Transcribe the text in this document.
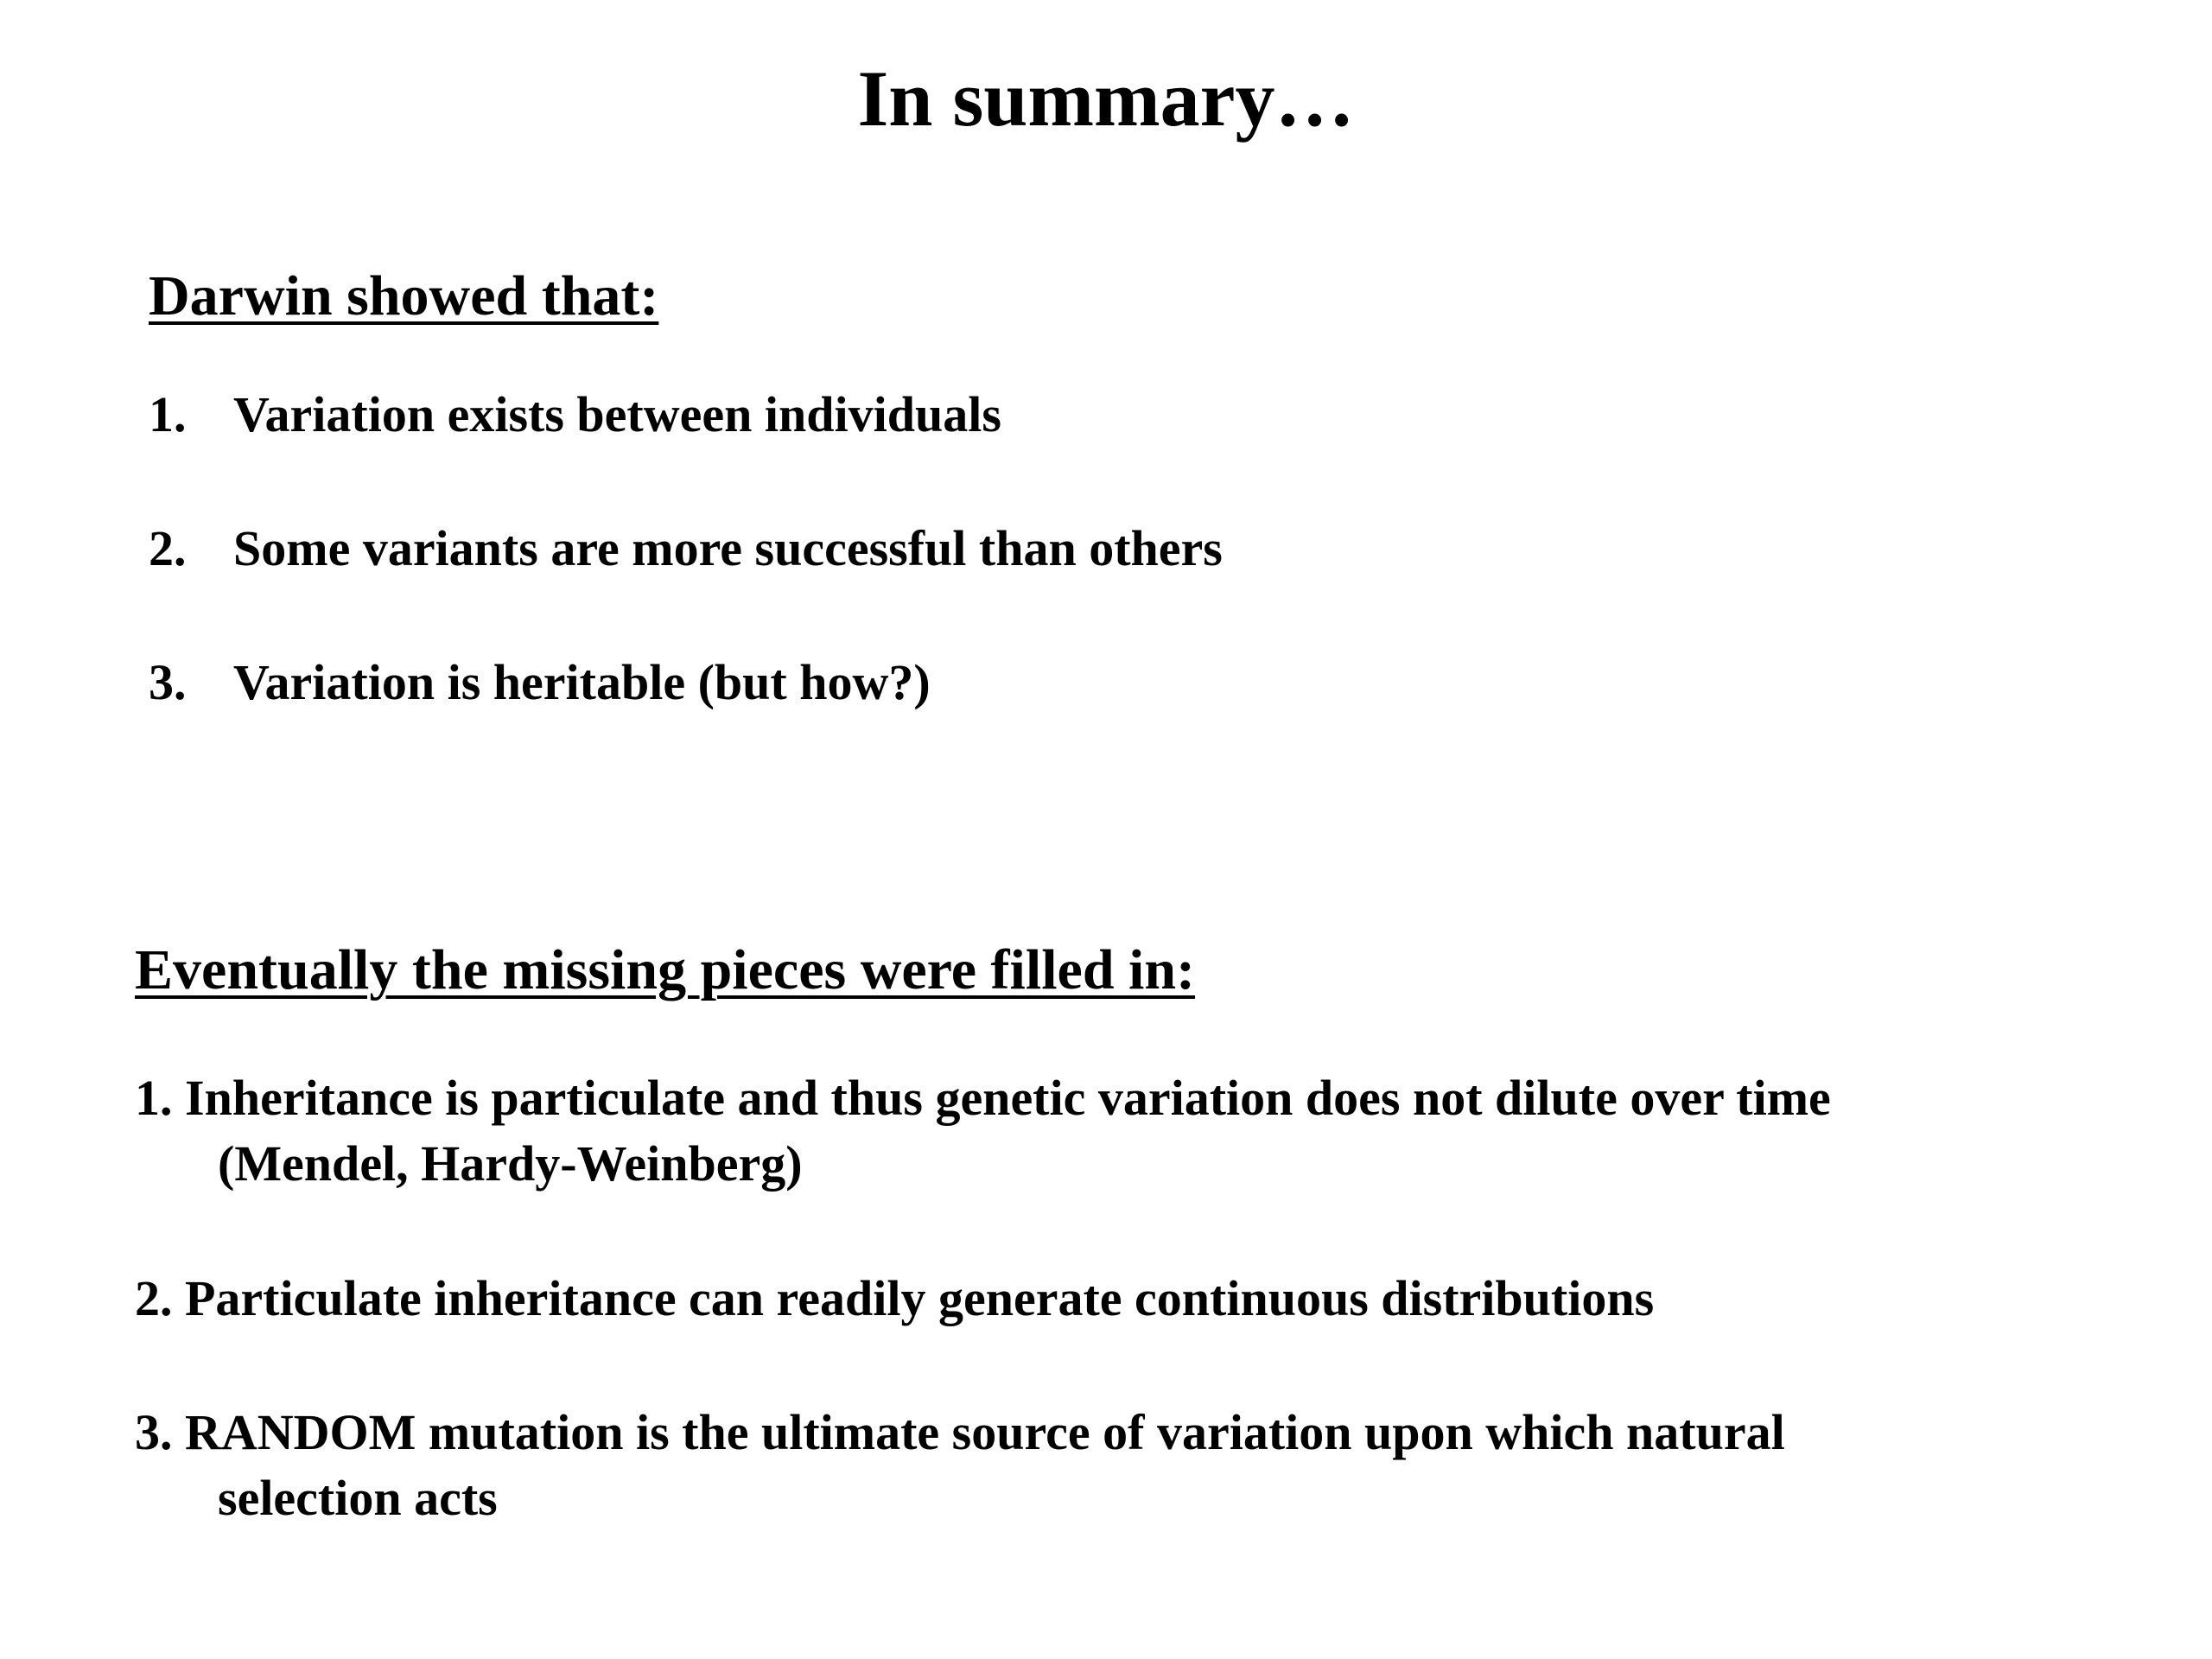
In summary…
Darwin showed that:
1. Variation exists between individuals
2. Some variants are more successful than others
3. Variation is heritable (but how?)
Eventually the missing pieces were filled in:
1. Inheritance is particulate and thus genetic variation does not dilute over time
(Mendel, Hardy-Weinberg)
2. Particulate inheritance can readily generate continuous distributions
3. RANDOM mutation is the ultimate source of variation upon which natural
selection acts
